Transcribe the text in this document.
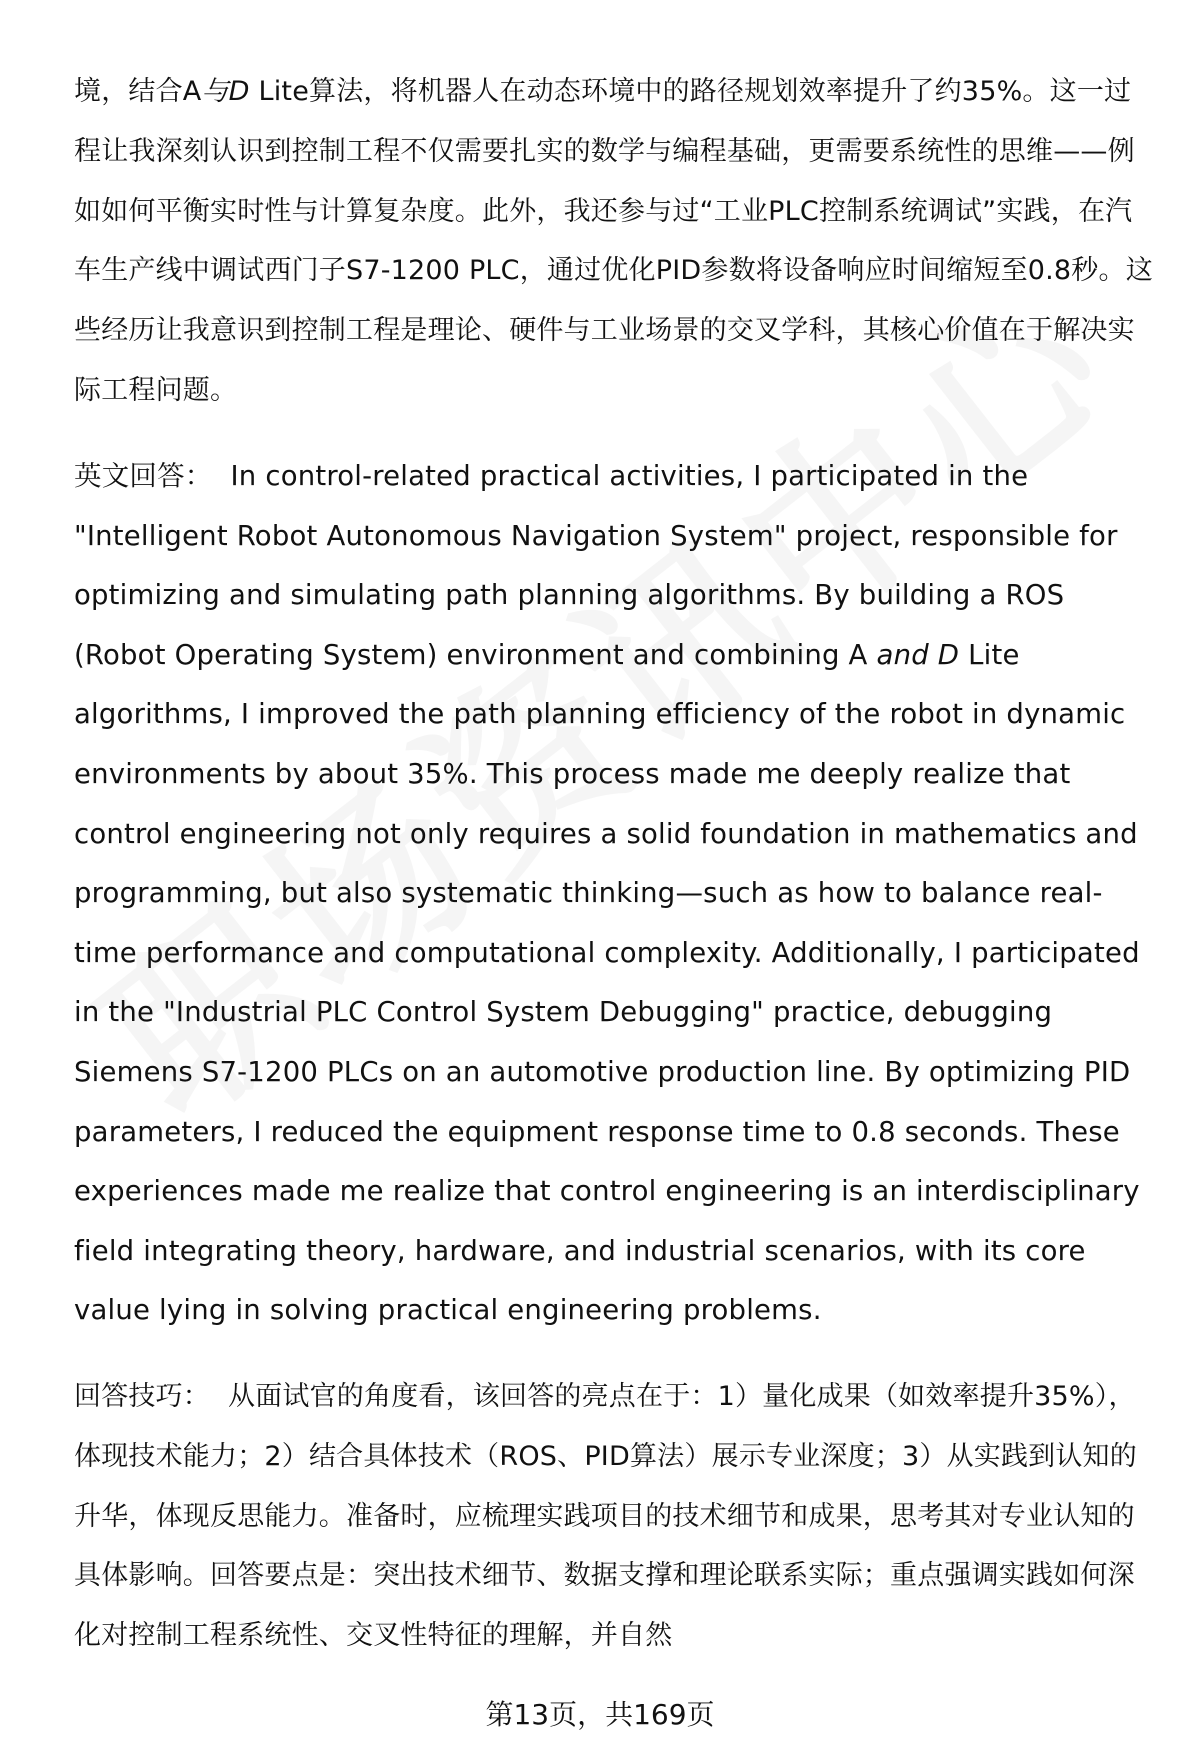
境，结合A与D Lite算法，将机器人在动态环境中的路径规划效率提升了约35%。这一过程让我深刻认识到控制工程不仅需要扎实的数学与编程基础，更需要系统性的思维——例如如何平衡实时性与计算复杂度。此外，我还参与过“工业PLC控制系统调试”实践，在汽车生产线中调试西门子S7-1200 PLC，通过优化PID参数将设备响应时间缩短至0.8秒。这些经历让我意识到控制工程是理论、硬件与工业场景的交叉学科，其核心价值在于解决实际工程问题。
英文回答： In control-related practical activities, I participated in the "Intelligent Robot Autonomous Navigation System" project, responsible for optimizing and simulating path planning algorithms. By building a ROS (Robot Operating System) environment and combining A and D Lite algorithms, I improved the path planning efficiency of the robot in dynamic environments by about 35%. This process made me deeply realize that control engineering not only requires a solid foundation in mathematics and programming, but also systematic thinking—such as how to balance real-time performance and computational complexity. Additionally, I participated in the "Industrial PLC Control System Debugging" practice, debugging Siemens S7-1200 PLCs on an automotive production line. By optimizing PID parameters, I reduced the equipment response time to 0.8 seconds. These experiences made me realize that control engineering is an interdisciplinary field integrating theory, hardware, and industrial scenarios, with its core value lying in solving practical engineering problems.
回答技巧： 从面试官的角度看，该回答的亮点在于：1）量化成果（如效率提升35%），体现技术能力；2）结合具体技术（ROS、PID算法）展示专业深度；3）从实践到认知的升华，体现反思能力。准备时，应梳理实践项目的技术细节和成果，思考其对专业认知的具体影响。回答要点是：突出技术细节、数据支撑和理论联系实际；重点强调实践如何深化对控制工程系统性、交叉性特征的理解，并自然
第13页，共169页
